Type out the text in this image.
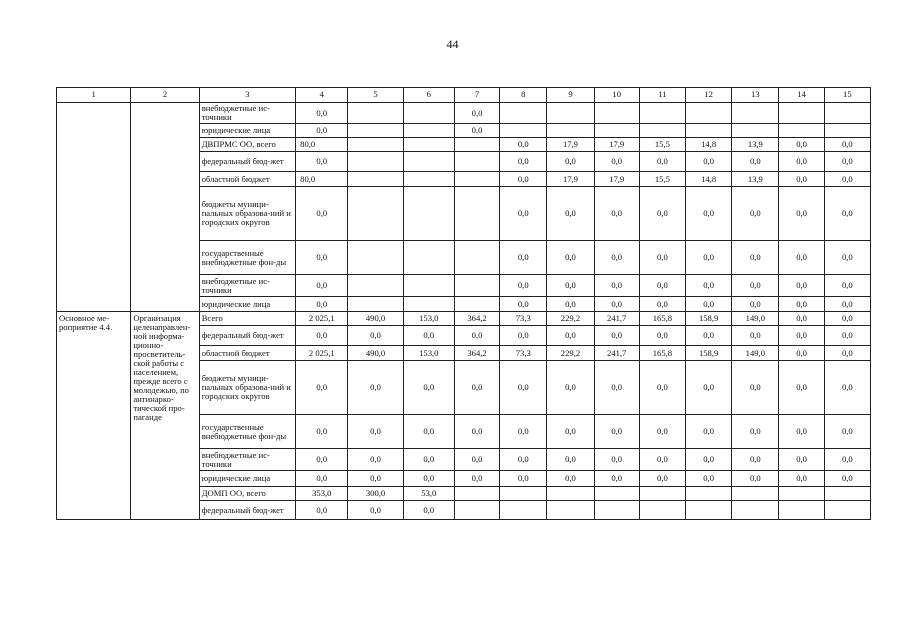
44
1	2	3	4	5	6	7	8	9	10	11	12	13	14	15
		внебюджетные ис-точники	0,0			0,0								
		юридические лица	0,0			0,0								
		ДВПРМС ОО, всего	80,0				0,0	17,9	17,9	15,5	14,8	13,9	0,0	0,0
		федеральный бюд-жет	0,0				0,0	0,0	0,0	0,0	0,0	0,0	0,0	0,0
		областной бюджет	80,0				0,0	17,9	17,9	15,5	14,8	13,9	0,0	0,0
		бюджеты муници-пальных образова-ний и городских округов	0,0				0,0	0,0	0,0	0,0	0,0	0,0	0,0	0,0
		государственные внебюджетные фон-ды	0,0				0,0	0,0	0,0	0,0	0,0	0,0	0,0	0,0
		внебюджетные ис-точники	0,0				0,0	0,0	0,0	0,0	0,0	0,0	0,0	0,0
		юридические лица	0,0				0,0	0,0	0,0	0,0	0,0	0,0	0,0	0,0
Основное ме-роприятие 4.4.	Организация целенаправлен-ной информа-ционно-просветитель-ской работы с населением, прежде всего с молодежью, по антинарко-тической про-паганде	Всего	2 025,1	490,0	153,0	364,2	73,3	229,2	241,7	165,8	158,9	149,0	0,0	0,0
		федеральный бюд-жет	0,0	0,0	0,0	0,0	0,0	0,0	0,0	0,0	0,0	0,0	0,0	0,0
		областной бюджет	2 025,1	490,0	153,0	364,2	73,3	229,2	241,7	165,8	158,9	149,0	0,0	0,0
		бюджеты муници-пальных образова-ний и городских округов	0,0	0,0	0,0	0,0	0,0	0,0	0,0	0,0	0,0	0,0	0,0	0,0
		государственные внебюджетные фон-ды	0,0	0,0	0,0	0,0	0,0	0,0	0,0	0,0	0,0	0,0	0,0	0,0
		внебюджетные ис-точники	0,0	0,0	0,0	0,0	0,0	0,0	0,0	0,0	0,0	0,0	0,0	0,0
		юридические лица	0,0	0,0	0,0	0,0	0,0	0,0	0,0	0,0	0,0	0,0	0,0	0,0
		ДОМП ОО, всего	353,0	300,0	53,0									
		федеральный бюд-жет	0,0	0,0	0,0									
